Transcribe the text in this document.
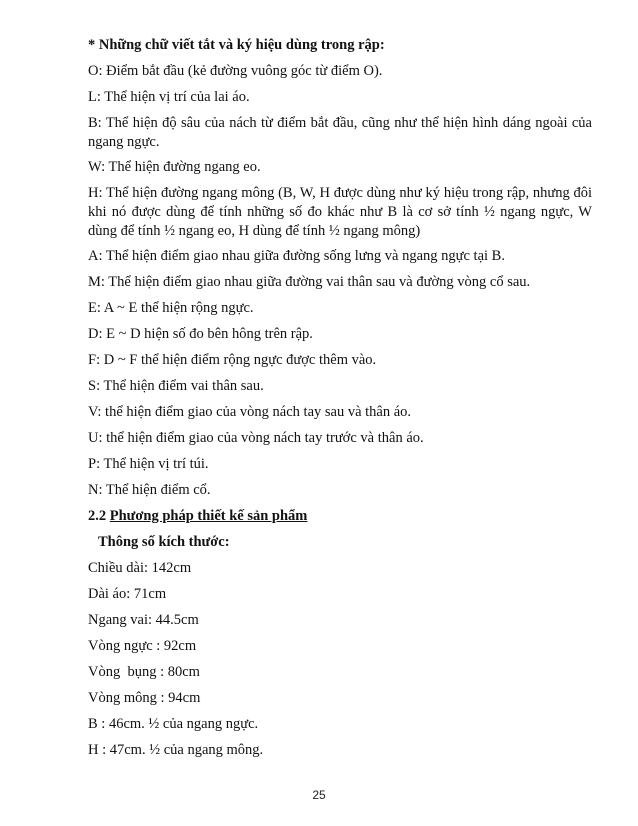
* Những chữ viết tắt và ký hiệu dùng trong rập:

O: Điểm bắt đầu (kẻ đường vuông góc từ điểm O).

L: Thể hiện vị trí của lai áo.

B: Thể hiện độ sâu của nách từ điểm bắt đầu, cũng như thể hiện hình dáng ngoài của ngang ngực.

W: Thể hiện đường ngang eo.

H: Thể hiện đường ngang mông (B, W, H được dùng như ký hiệu trong rập, nhưng đôi khi nó được dùng để tính những số đo khác như B là cơ sở tính ½ ngang ngực, W dùng để tính ½ ngang eo, H dùng để tính ½ ngang mông)

A: Thể hiện điểm giao nhau giữa đường sống lưng và ngang ngực tại B.

M: Thể hiện điểm giao nhau giữa đường vai thân sau và đường vòng cổ sau.

E: A ~ E thể hiện rộng ngực.

D: E ~ D hiện số đo bên hông trên rập.

F: D ~ F thể hiện điểm rộng ngực được thêm vào.

S: Thể hiện điểm vai thân sau.

V: thể hiện điểm giao của vòng nách tay sau và thân áo.

U: thể hiện điểm giao của vòng nách tay trước và thân áo.

P: Thể hiện vị trí túi.

N: Thể hiện điểm cổ.

2.2 Phương pháp thiết kế sản phẩm

Thông số kích thước:

Chiều dài: 142cm

Dài áo: 71cm

Ngang vai: 44.5cm

Vòng ngực : 92cm

Vòng  bụng : 80cm

Vòng mông : 94cm

B : 46cm. ½ của ngang ngực.

H : 47cm. ½ của ngang mông.

25
